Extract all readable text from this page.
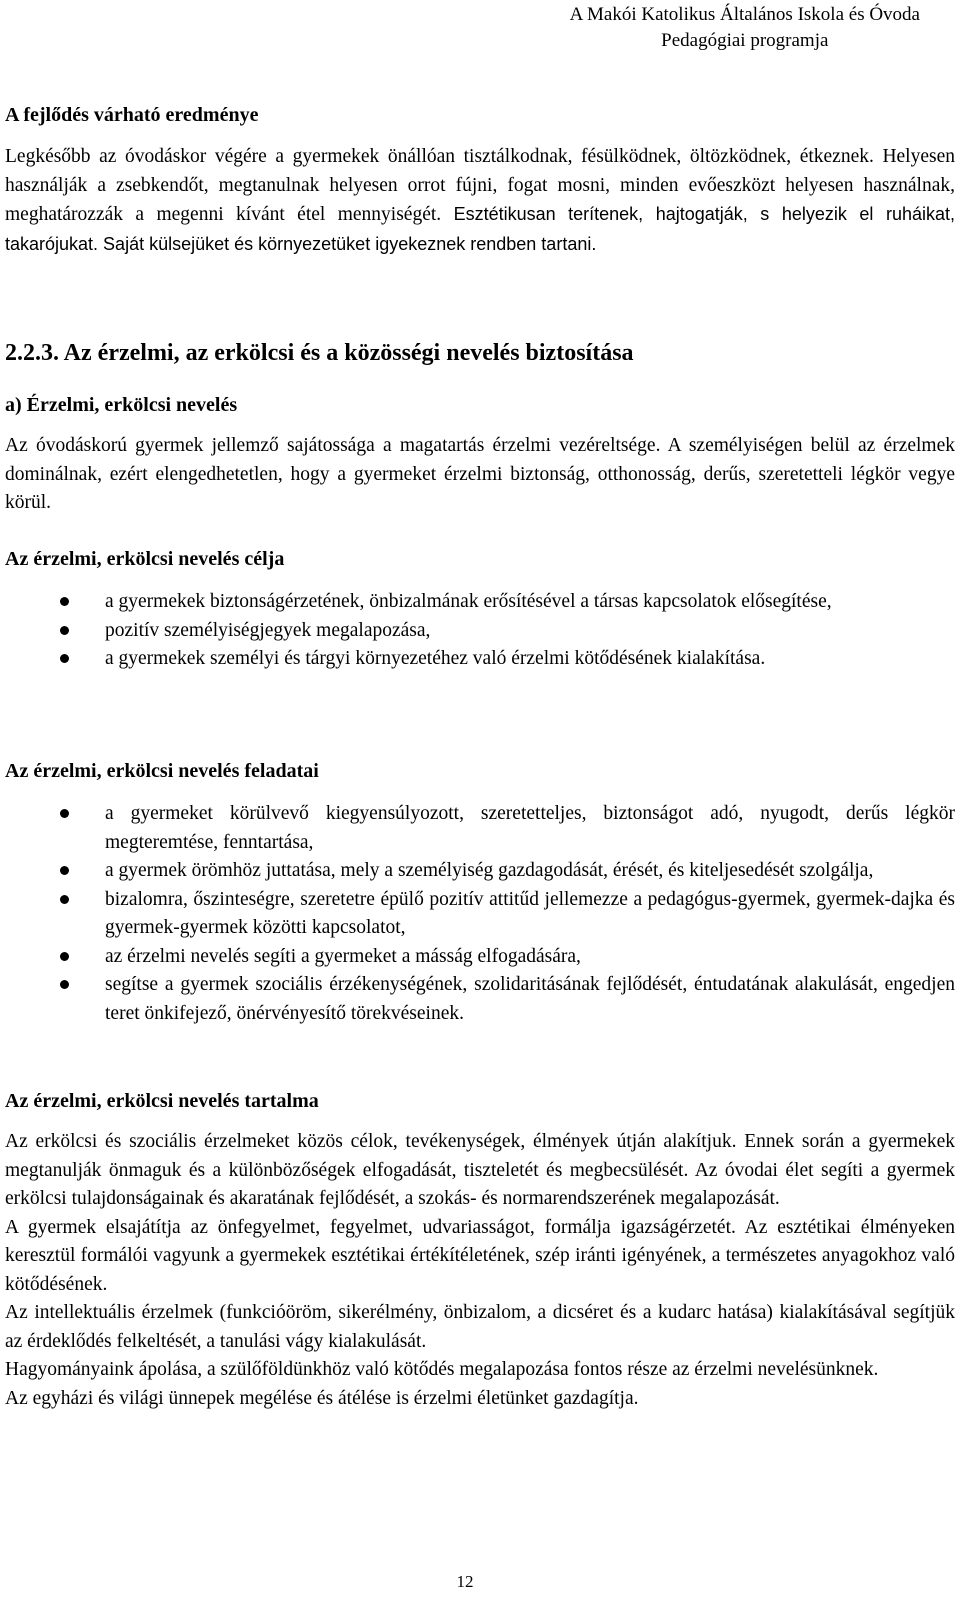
A Makói Katolikus Általános Iskola és Óvoda
Pedagógiai programja
A fejlődés várható eredménye

Legkésőbb az óvodáskor végére a gyermekek önállóan tisztálkodnak, fésülködnek, öltözködnek, étkeznek. Helyesen használják a zsebkendőt, megtanulnak helyesen orrot fújni, fogat mosni, minden evőeszközt helyesen használnak, meghatározzák a megenni kívánt étel mennyiségét. Esztétikusan terítenek, hajtogatják, s helyezik el ruháikat, takarójukat. Saját külsejüket és környezetüket igyekeznek rendben tartani.

2.2.3. Az érzelmi, az erkölcsi és a közösségi nevelés biztosítása
a) Érzelmi, erkölcsi nevelés

Az óvodáskorú gyermek jellemző sajátossága a magatartás érzelmi vezéreltsége. A személyiségen belül az érzelmek dominálnak, ezért elengedhetetlen, hogy a gyermeket érzelmi biztonság, otthonosság, derűs, szeretetteli légkör vegye körül.

Az érzelmi, erkölcsi nevelés célja
a gyermekek biztonságérzetének, önbizalmának erősítésével a társas kapcsolatok elősegítése,
pozitív személyiségjegyek megalapozása,
a gyermekek személyi és tárgyi környezetéhez való érzelmi kötődésének kialakítása.
Az érzelmi, erkölcsi nevelés feladatai
a gyermeket körülvevő kiegyensúlyozott, szeretetteljes, biztonságot adó, nyugodt, derűs légkör megteremtése, fenntartása,
a gyermek örömhöz juttatása, mely a személyiség gazdagodását, érését, és kiteljesedését szolgálja,
bizalomra, őszinteségre, szeretetre épülő pozitív attitűd jellemezze a pedagógus-gyermek, gyermek-dajka és gyermek-gyermek közötti kapcsolatot,
az érzelmi nevelés segíti a gyermeket a másság elfogadására,
segítse a gyermek szociális érzékenységének, szolidaritásának fejlődését, éntudatának alakulását, engedjen teret önkifejező, önérvényesítő törekvéseinek.
Az érzelmi, erkölcsi nevelés tartalma

Az erkölcsi és szociális érzelmeket közös célok, tevékenységek, élmények útján alakítjuk. Ennek során a gyermekek megtanulják önmaguk és a különbözőségek elfogadását, tiszteletét és megbecsülését. Az óvodai élet segíti a gyermek erkölcsi tulajdonságainak és akaratának fejlődését, a szokás- és normarendszerének megalapozását.

A gyermek elsajátítja az önfegyelmet, fegyelmet, udvariasságot, formálja igazságérzetét. Az esztétikai élményeken keresztül formálói vagyunk a gyermekek esztétikai értékítéletének, szép iránti igényének, a természetes anyagokhoz való kötődésének.

Az intellektuális érzelmek (funkcióöröm, sikerélmény, önbizalom, a dicséret és a kudarc hatása) kialakításával segítjük az érdeklődés felkeltését, a tanulási vágy kialakulását.

Hagyományaink ápolása, a szülőföldünkhöz való kötődés megalapozása fontos része az érzelmi nevelésünknek.

Az egyházi és világi ünnepek megélése és átélése is érzelmi életünket gazdagítja.

12
